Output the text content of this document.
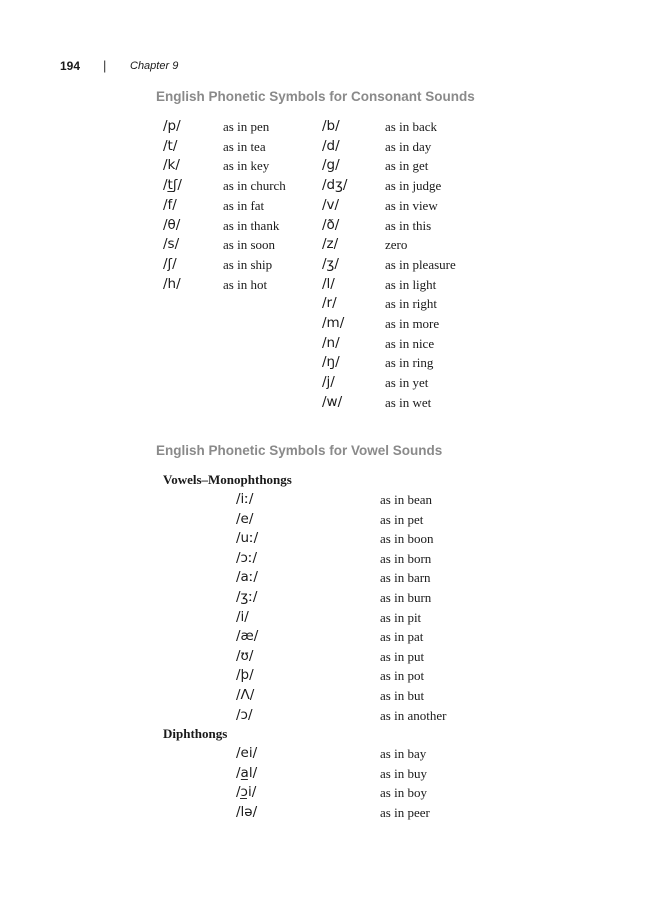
194 | Chapter 9
English Phonetic Symbols for Consonant Sounds
/p/	as in pen
/t/	as in tea
/k/	as in key
/t̲ʃ/	as in church
/f/	as in fat
/θ/	as in thank
/s/	as in soon
/ʃ/	as in ship
/h/	as in hot
/b/	as in back
/d/	as in day
/g/	as in get
/dʒ/	as in judge
/v/	as in view
/ð/	as in this
/z/	zero
/ʒ/	as in pleasure
/l/	as in light
/r/	as in right
/m/	as in more
/n/	as in nice
/ŋ/	as in ring
/j/	as in yet
/w/	as in wet
English Phonetic Symbols for Vowel Sounds
Vowels–Monophthongs
/iː/	as in bean
/e/	as in pet
/uː/	as in boon
/ɔː/	as in born
/aː/	as in barn
/ʒː/	as in burn
/i/	as in pit
/æ/	as in pat
/ʊ/	as in put
/þ/	as in pot
/Λ/	as in but
/ɔ/	as in another
Diphthongs
/ei/	as in bay
/a̲l/	as in buy
/ɔ̲i/	as in boy
/lə/	as in peer
